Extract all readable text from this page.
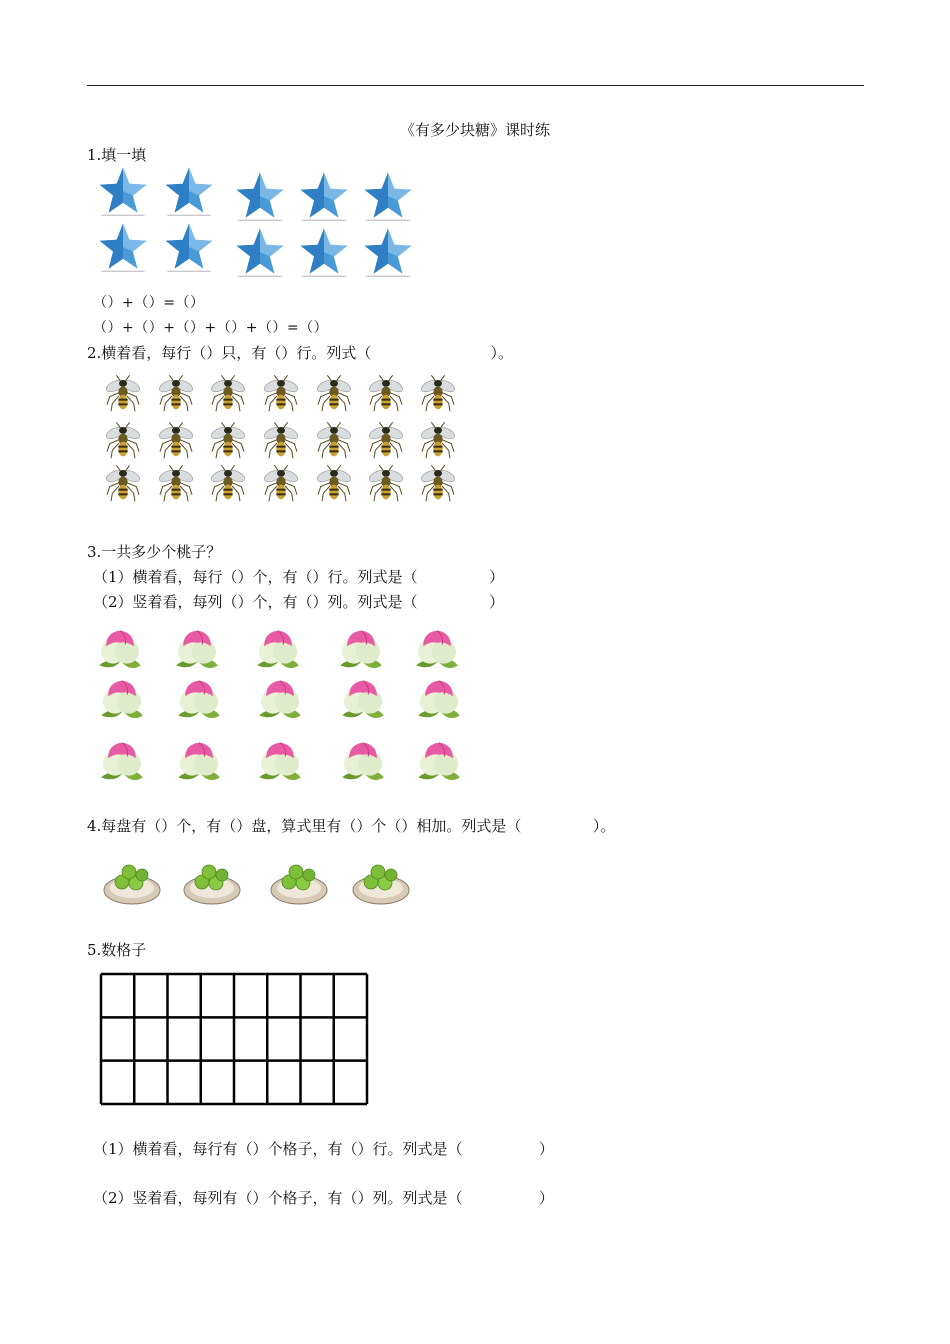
《有多少块糖》课时练
1.填一填
（）+（）=（）
（）+（）+（）+（）+（）=（）
2.横着看，每行（）只，有（）行。列式（                         ）。
3.一共多少个桃子？
（1）横着看，每行（）个，有（）行。列式是（               ）
（2）竖着看，每列（）个，有（）列。列式是（               ）
4.每盘有（）个，有（）盘，算式里有（）个（）相加。列式是（               ）。
5.数格子
（1）横着看，每行有（）个格子，有（）行。列式是（                ）
（2）竖着看，每列有（）个格子，有（）列。列式是（                ）
